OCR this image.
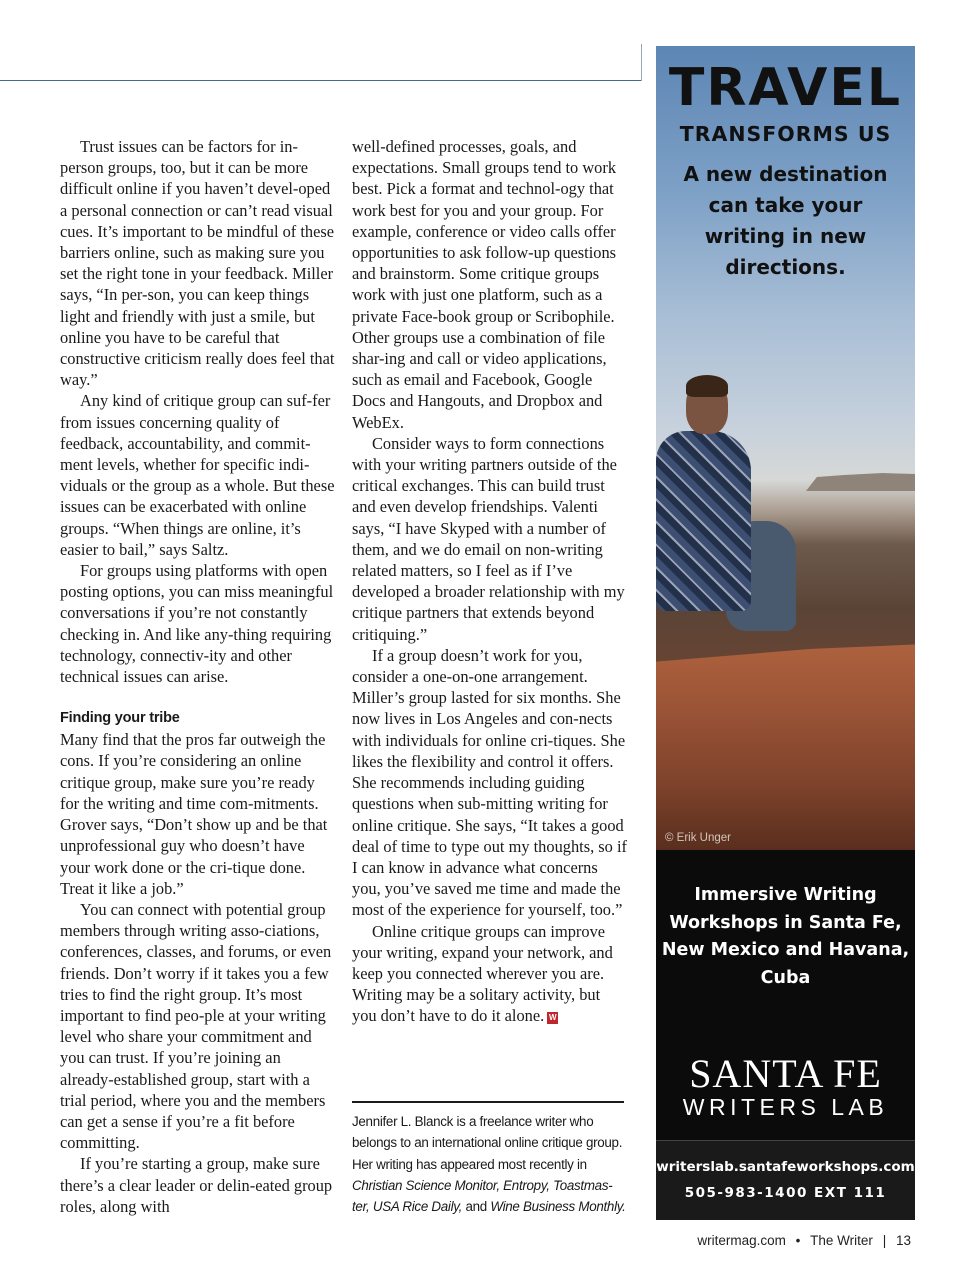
Trust issues can be factors for in-person groups, too, but it can be more difficult online if you haven’t devel-oped a personal connection or can’t read visual cues. It’s important to be mindful of these barriers online, such as making sure you set the right tone in your feedback. Miller says, “In per-son, you can keep things light and friendly with just a smile, but online you have to be careful that constructive criticism really does feel that way.”

Any kind of critique group can suf-fer from issues concerning quality of feedback, accountability, and commit-ment levels, whether for specific indi-viduals or the group as a whole. But these issues can be exacerbated with online groups. “When things are online, it’s easier to bail,” says Saltz.

For groups using platforms with open posting options, you can miss meaningful conversations if you’re not constantly checking in. And like any-thing requiring technology, connectiv-ity and other technical issues can arise.

Finding your tribe

Many find that the pros far outweigh the cons. If you’re considering an online critique group, make sure you’re ready for the writing and time com-mitments. Grover says, “Don’t show up and be that unprofessional guy who doesn’t have your work done or the cri-tique done. Treat it like a job.”

You can connect with potential group members through writing asso-ciations, conferences, classes, and forums, or even friends. Don’t worry if it takes you a few tries to find the right group. It’s most important to find peo-ple at your writing level who share your commitment and you can trust. If you’re joining an already-established group, start with a trial period, where you and the members can get a sense if you’re a fit before committing.

If you’re starting a group, make sure there’s a clear leader or delin-eated group roles, along with

well-defined processes, goals, and expectations. Small groups tend to work best. Pick a format and technol-ogy that work best for you and your group. For example, conference or video calls offer opportunities to ask follow-up questions and brainstorm. Some critique groups work with just one platform, such as a private Face-book group or Scribophile. Other groups use a combination of file shar-ing and call or video applications, such as email and Facebook, Google Docs and Hangouts, and Dropbox and WebEx.

Consider ways to form connections with your writing partners outside of the critical exchanges. This can build trust and even develop friendships. Valenti says, “I have Skyped with a number of them, and we do email on non-writing related matters, so I feel as if I’ve developed a broader relationship with my critique partners that extends beyond critiquing.”

If a group doesn’t work for you, consider a one-on-one arrangement. Miller’s group lasted for six months. She now lives in Los Angeles and con-nects with individuals for online cri-tiques. She likes the flexibility and control it offers. She recommends including guiding questions when sub-mitting writing for online critique. She says, “It takes a good deal of time to type out my thoughts, so if I can know in advance what concerns you, you’ve saved me time and made the most of the experience for yourself, too.”

Online critique groups can improve your writing, expand your network, and keep you connected wherever you are. Writing may be a solitary activity, but you don’t have to do it alone. W

Jennifer L. Blanck is a freelance writer who belongs to an international online critique group. Her writing has appeared most recently in Christian Science Monitor, Entropy, Toastmas-ter, USA Rice Daily, and Wine Business Monthly.
TRAVEL
TRANSFORMS US
A new destination can take your writing in new directions.
© Erik Unger
Immersive Writing Workshops in Santa Fe, New Mexico and Havana, Cuba
SANTA FE
WRITERS LAB
writerslab.santafeworkshops.com
505-983-1400 EXT 111
writermag.com • The Writer | 13
